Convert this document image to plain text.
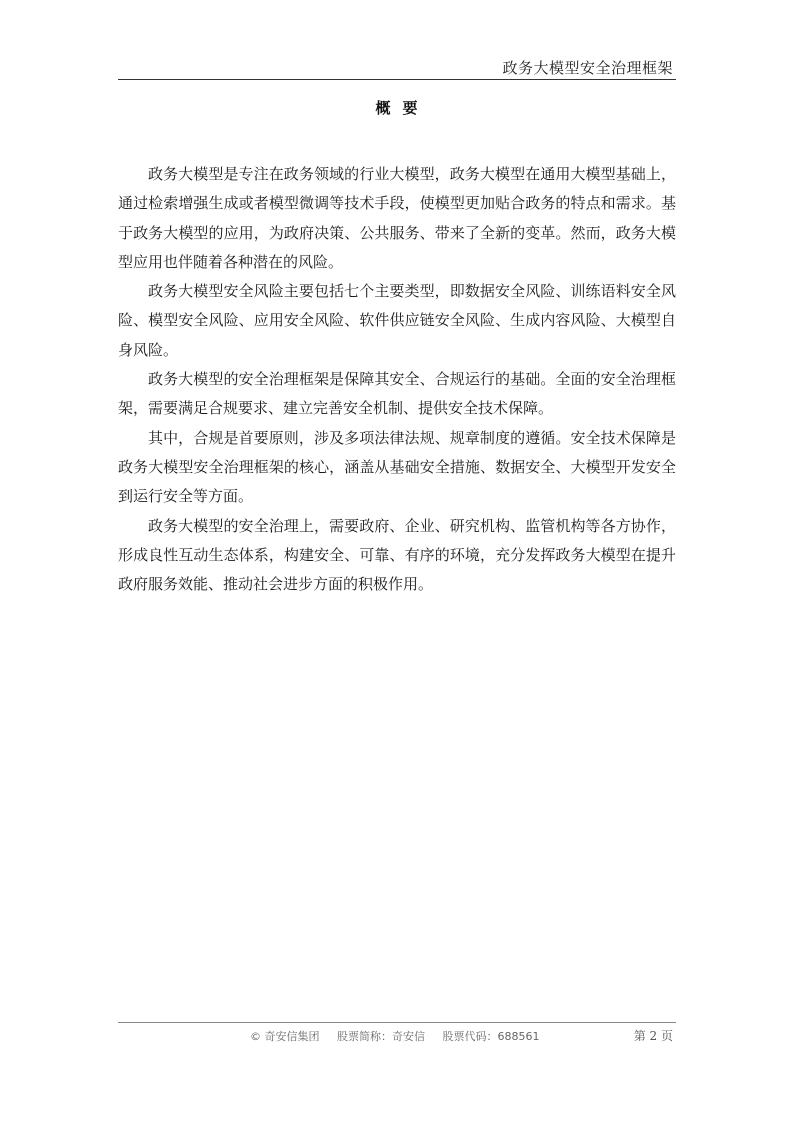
政务大模型安全治理框架
概要

政务大模型是专注在政务领域的行业大模型，政务大模型在通用大模型基础上，通过检索增强生成或者模型微调等技术手段，使模型更加贴合政务的特点和需求。基于政务大模型的应用，为政府决策、公共服务、带来了全新的变革。然而，政务大模型应用也伴随着各种潜在的风险。

政务大模型安全风险主要包括七个主要类型，即数据安全风险、训练语料安全风险、模型安全风险、应用安全风险、软件供应链安全风险、生成内容风险、大模型自身风险。

政务大模型的安全治理框架是保障其安全、合规运行的基础。全面的安全治理框架，需要满足合规要求、建立完善安全机制、提供安全技术保障。

其中，合规是首要原则，涉及多项法律法规、规章制度的遵循。安全技术保障是政务大模型安全治理框架的核心，涵盖从基础安全措施、数据安全、大模型开发安全到运行安全等方面。

政务大模型的安全治理上，需要政府、企业、研究机构、监管机构等各方协作，形成良性互动生态体系，构建安全、可靠、有序的环境，充分发挥政务大模型在提升政府服务效能、推动社会进步方面的积极作用。

© 奇安信集团 股票简称：奇安信 股票代码：688561	第 2 页
